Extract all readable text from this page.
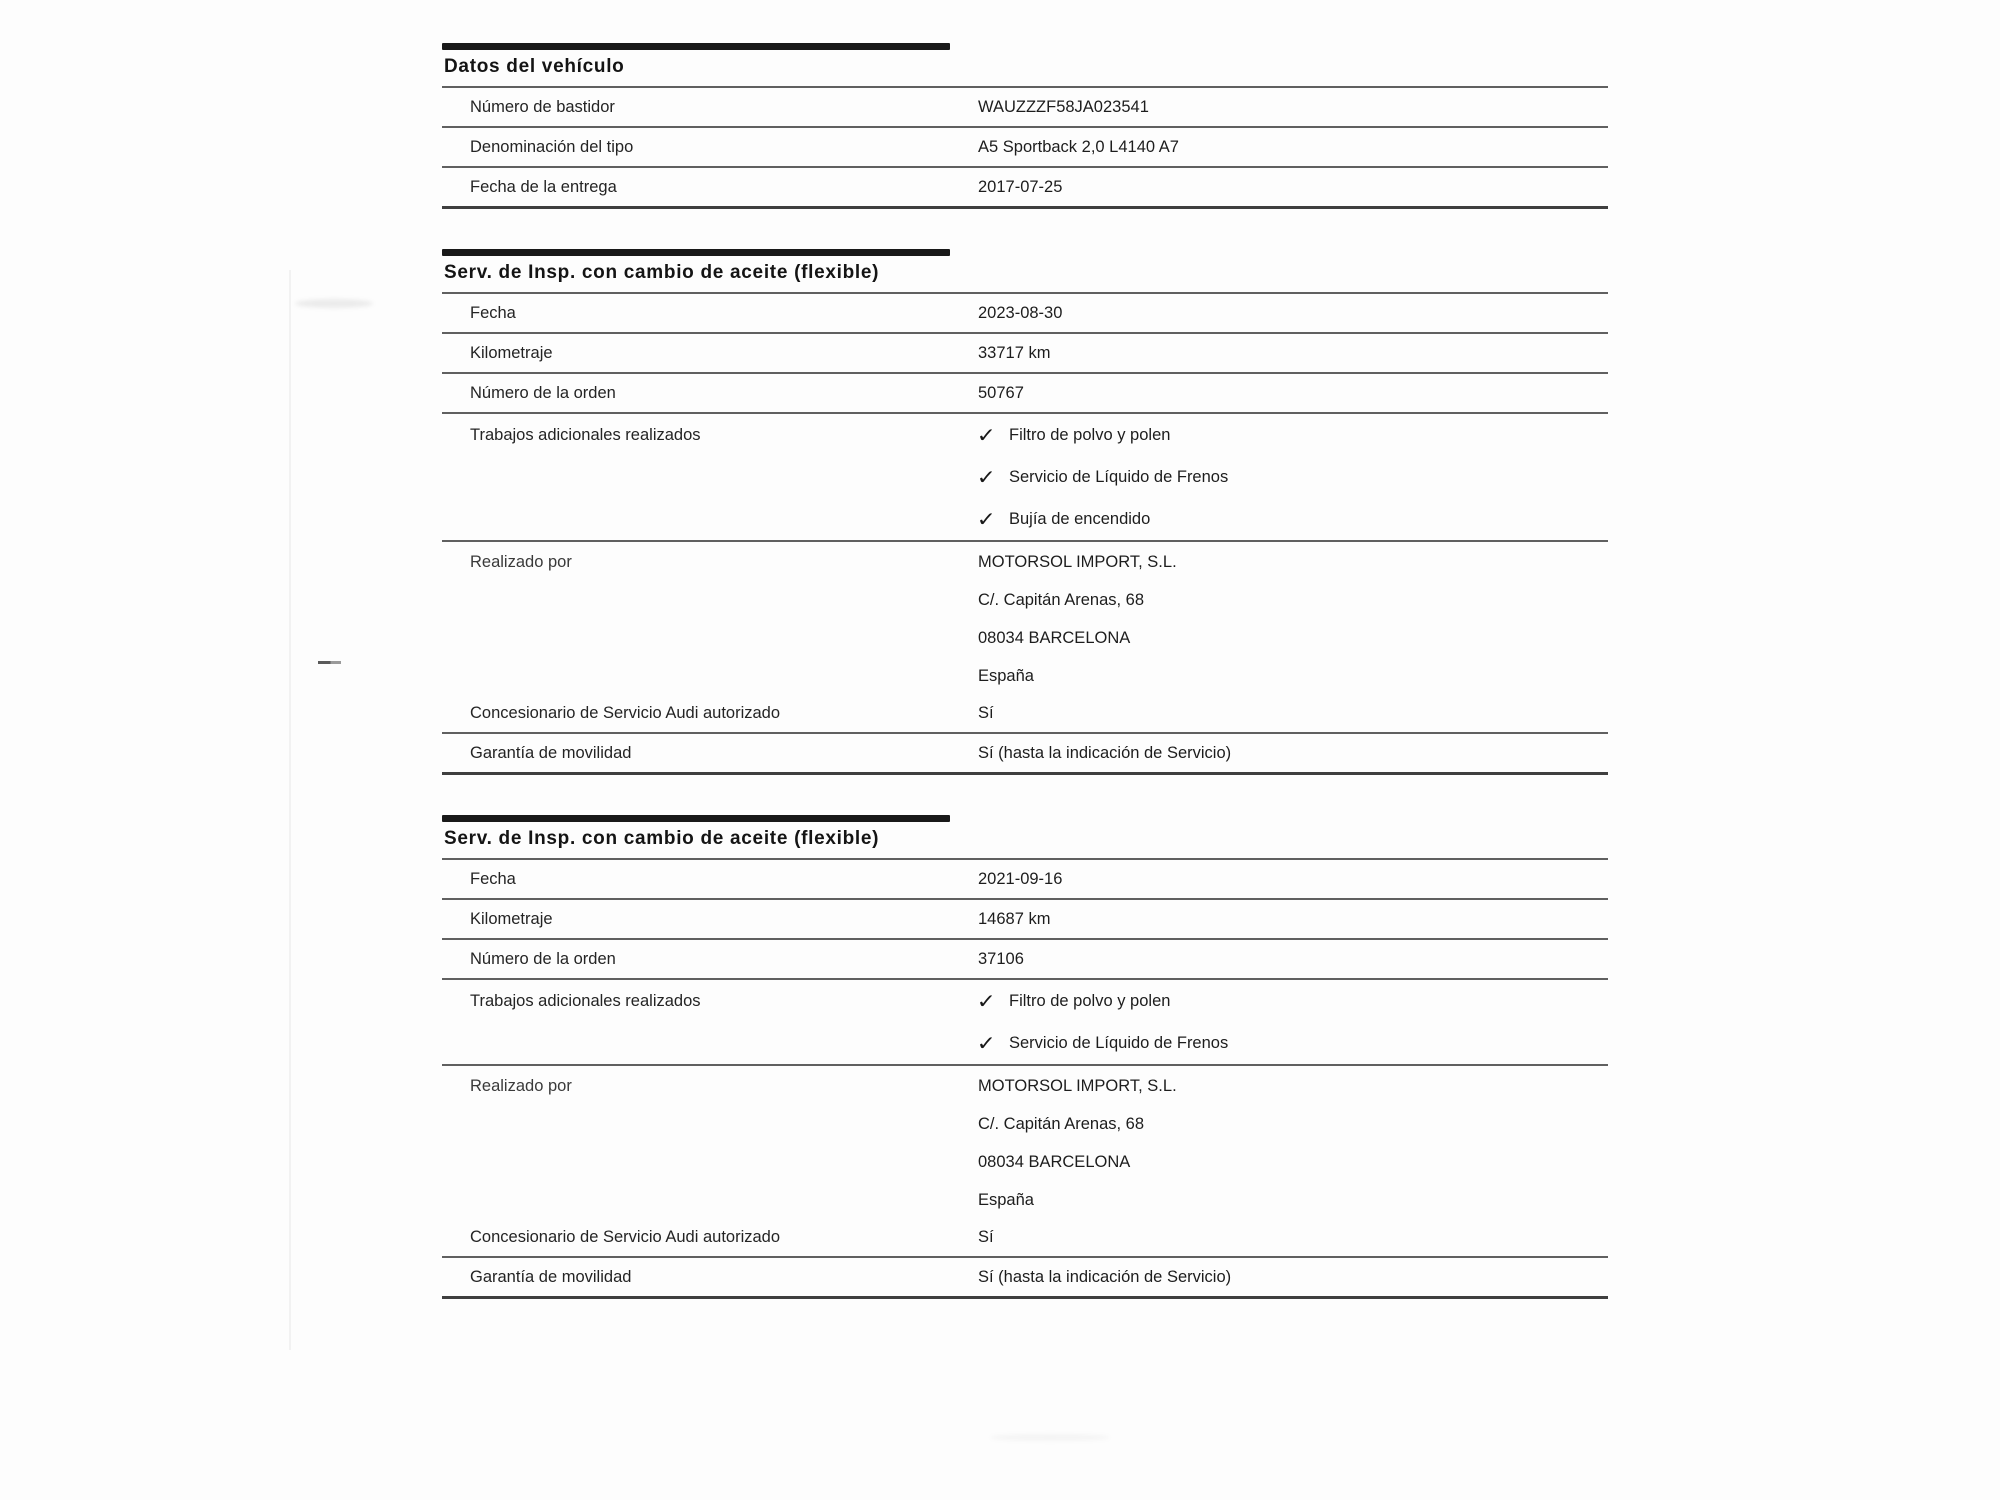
Datos del vehículo
Número de bastidor	WAUZZZF58JA023541
Denominación del tipo	A5 Sportback 2,0 L4140 A7
Fecha de la entrega	2017-07-25
Serv. de Insp. con cambio de aceite (flexible)
Fecha	2023-08-30
Kilometraje	33717 km
Número de la orden	50767
Trabajos adicionales realizados	✓ Filtro de polvo y polen
✓ Servicio de Líquido de Frenos
✓ Bujía de encendido
Realizado por	MOTORSOL IMPORT, S.L.
C/. Capitán Arenas, 68
08034 BARCELONA
España
Concesionario de Servicio Audi autorizado	Sí
Garantía de movilidad	Sí (hasta la indicación de Servicio)
Serv. de Insp. con cambio de aceite (flexible)
Fecha	2021-09-16
Kilometraje	14687 km
Número de la orden	37106
Trabajos adicionales realizados	✓ Filtro de polvo y polen
✓ Servicio de Líquido de Frenos
Realizado por	MOTORSOL IMPORT, S.L.
C/. Capitán Arenas, 68
08034 BARCELONA
España
Concesionario de Servicio Audi autorizado	Sí
Garantía de movilidad	Sí (hasta la indicación de Servicio)
